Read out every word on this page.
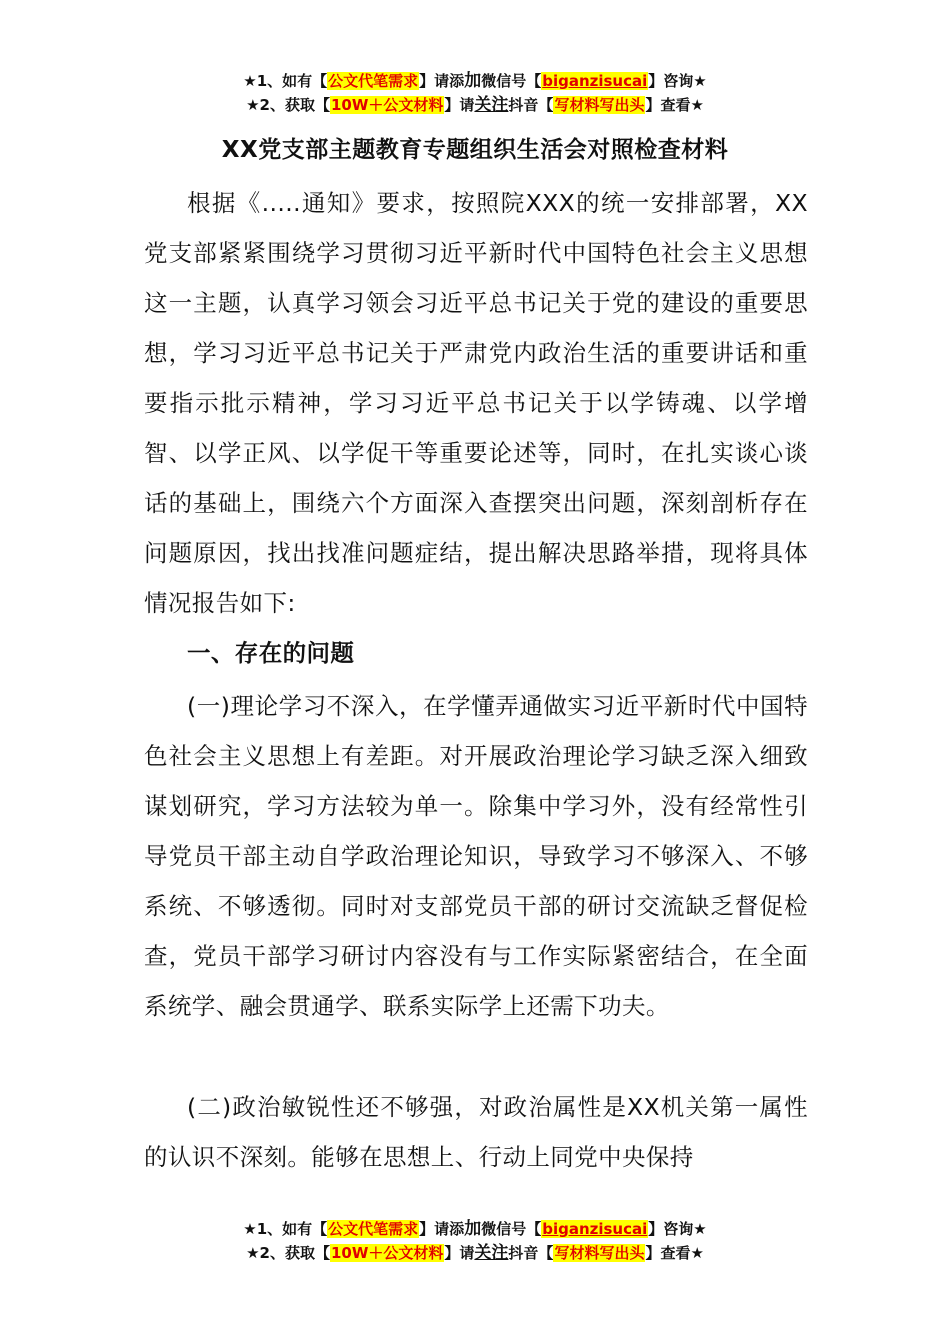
★1、如有【公文代笔需求】请添加微信号【biganzisucai】咨询★
★2、获取【10W＋公文材料】请关注抖音【写材料写出头】查看★
XX党支部主题教育专题组织生活会对照检查材料
根据《.....通知》要求，按照院XXX的统一安排部署，XX党支部紧紧围绕学习贯彻习近平新时代中国特色社会主义思想这一主题，认真学习领会习近平总书记关于党的建设的重要思想，学习习近平总书记关于严肃党内政治生活的重要讲话和重要指示批示精神，学习习近平总书记关于以学铸魂、以学增智、以学正风、以学促干等重要论述等，同时，在扎实谈心谈话的基础上，围绕六个方面深入查摆突出问题，深刻剖析存在问题原因，找出找准问题症结，提出解决思路举措，现将具体情况报告如下:
一、存在的问题
(一)理论学习不深入，在学懂弄通做实习近平新时代中国特色社会主义思想上有差距。对开展政治理论学习缺乏深入细致谋划研究，学习方法较为单一。除集中学习外，没有经常性引导党员干部主动自学政治理论知识，导致学习不够深入、不够系统、不够透彻。同时对支部党员干部的研讨交流缺乏督促检查，党员干部学习研讨内容没有与工作实际紧密结合，在全面系统学、融会贯通学、联系实际学上还需下功夫。
(二)政治敏锐性还不够强，对政治属性是XX机关第一属性的认识不深刻。能够在思想上、行动上同党中央保持
★1、如有【公文代笔需求】请添加微信号【biganzisucai】咨询★
★2、获取【10W＋公文材料】请关注抖音【写材料写出头】查看★
